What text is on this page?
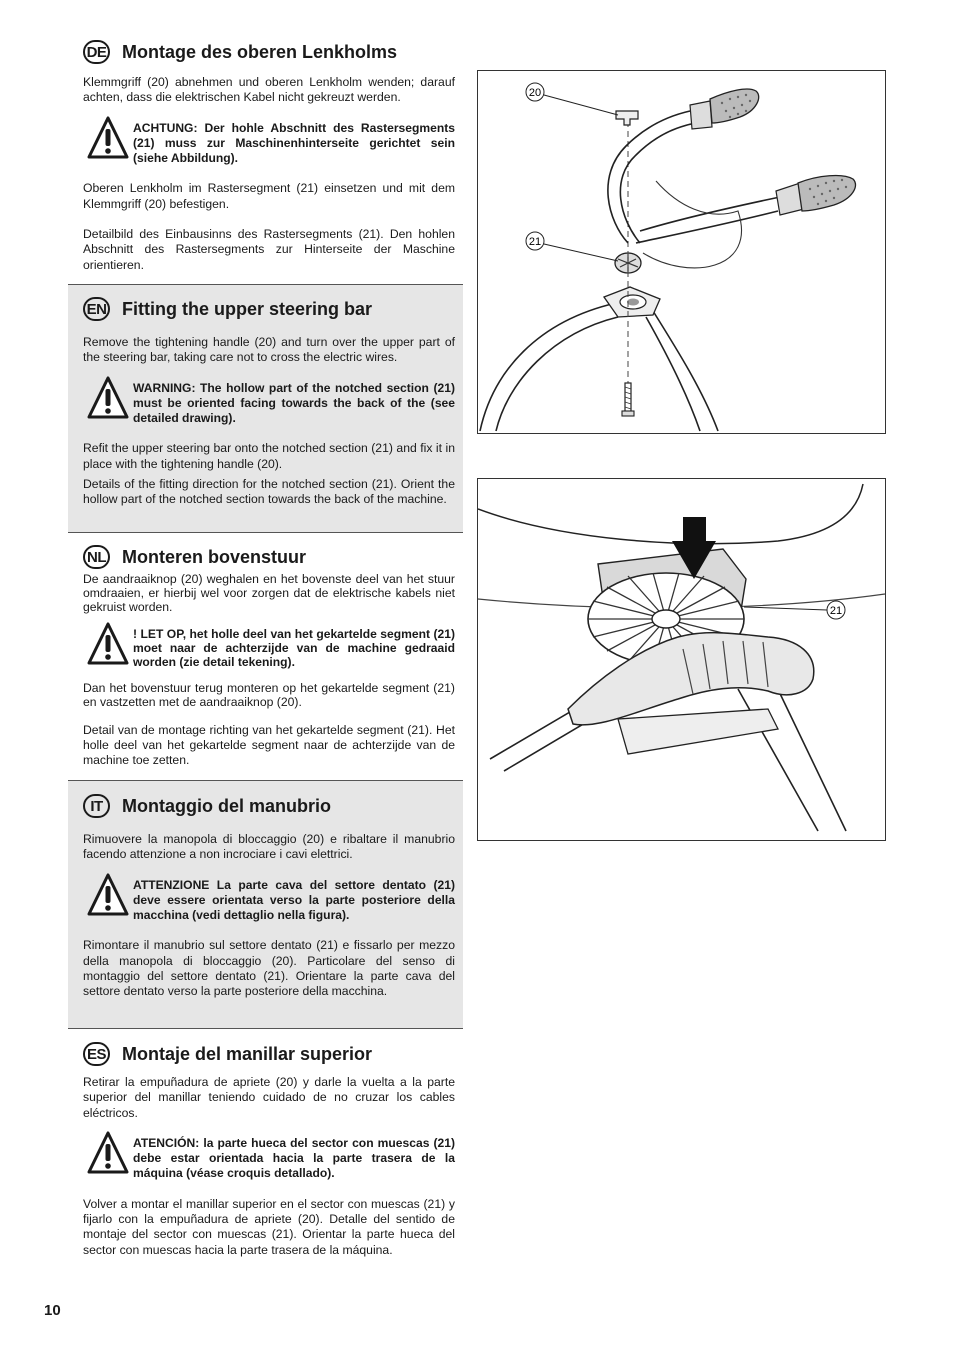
DE Montage des oberen Lenkholms

Klemmgriff (20) abnehmen und oberen Lenkholm wenden; darauf achten, dass die elektrischen Kabel nicht gekreuzt werden.

ACHTUNG: Der hohle Abschnitt des Rastersegments (21) muss zur Maschinenhinterseite gerichtet sein (siehe Abbildung).

Oberen Lenkholm im Rastersegment (21) einsetzen und mit dem Klemmgriff (20) befestigen.

Detailbild des Einbausinns des Rastersegments (21). Den hohlen Abschnitt des Rastersegments zur Hinterseite der Maschine orientieren.

EN Fitting the upper steering bar

Remove the tightening handle (20) and turn over the upper part of the steering bar, taking care not to cross the electric wires.

WARNING: The hollow part of the notched section (21) must be oriented facing towards the back of the (see detailed drawing).

Refit the upper steering bar onto the notched section (21) and fix it in place with the tightening handle (20).

Details of the fitting direction for the notched section (21). Orient the hollow part of the notched section towards the back of the machine.

NL Monteren bovenstuur

De aandraaiknop (20) weghalen en het bovenste deel van het stuur omdraaien, er hierbij wel voor zorgen dat de elektrische kabels niet gekruist worden.

! LET OP, het holle deel van het gekartelde segment (21) moet naar de achterzijde van de machine gedraaid worden (zie detail tekening).

Dan het bovenstuur terug monteren op het gekartelde segment (21) en vastzetten met de aandraaiknop (20).

Detail van de montage richting van het gekartelde segment (21). Het holle deel van het gekartelde segment naar de achterzijde van de machine toe zetten.

IT	Montaggio del manubrio

Rimuovere la manopola di bloccaggio (20) e ribaltare il manubrio facendo attenzione a non incrociare i cavi elettrici.

ATTENZIONE La parte cava del settore dentato (21) deve essere orientata verso la parte posteriore della macchina (vedi dettaglio nella figura).

Rimontare il manubrio sul settore dentato (21) e fissarlo per mezzo della manopola di bloccaggio (20). Particolare del senso di montaggio del settore dentato (21). Orientare la parte cava del settore dentato verso la parte posteriore della macchina.

ES Montaje del manillar superior

Retirar la empuñadura de apriete (20) y darle la vuelta a la parte superior del manillar teniendo cuidado de no cruzar los cables eléctricos.

ATENCIÓN: la parte hueca del sector con muescas (21) debe estar orientada hacia la parte trasera de la máquina (véase croquis detallado).

Volver a montar el manillar superior en el sector con muescas (21) y fijarlo con la empuñadura de apriete (20). Detalle del sentido de montaje del sector con muescas (21). Orientar la parte hueca del sector con muescas hacia la parte trasera de la máquina.

10
20
21
21
